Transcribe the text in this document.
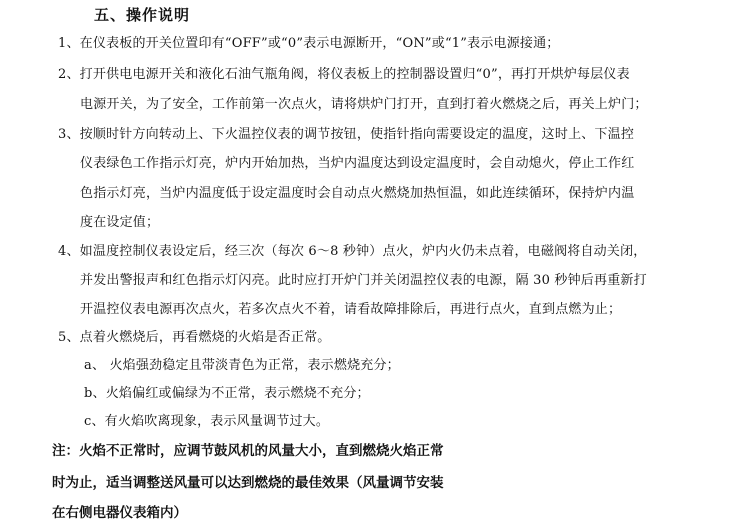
五、操作说明
1、在仪表板的开关位置印有“OFF”或“0”表示电源断开，“ON”或“1”表示电源接通；
2、打开供电电源开关和液化石油气瓶角阀，将仪表板上的控制器设置归“0”，再打开烘炉每层仪表
电源开关，为了安全，工作前第一次点火，请将烘炉门打开，直到打着火燃烧之后，再关上炉门；
3、按顺时针方向转动上、下火温控仪表的调节按钮，使指针指向需要设定的温度，这时上、下温控
仪表绿色工作指示灯亮，炉内开始加热，当炉内温度达到设定温度时，会自动熄火，停止工作红
色指示灯亮，当炉内温度低于设定温度时会自动点火燃烧加热恒温，如此连续循环，保持炉内温
度在设定值；
4、如温度控制仪表设定后，经三次（每次 6～8 秒钟）点火，炉内火仍未点着，电磁阀将自动关闭，
并发出警报声和红色指示灯闪亮。此时应打开炉门并关闭温控仪表的电源，隔 30 秒钟后再重新打
开温控仪表电源再次点火，若多次点火不着，请看故障排除后，再进行点火，直到点燃为止；
5、点着火燃烧后，再看燃烧的火焰是否正常。
a、 火焰强劲稳定且带淡青色为正常，表示燃烧充分；
b、火焰偏红或偏绿为不正常，表示燃烧不充分；
c、有火焰吹离现象，表示风量调节过大。
注：火焰不正常时，应调节鼓风机的风量大小，直到燃烧火焰正常
时为止，适当调整送风量可以达到燃烧的最佳效果（风量调节安装
在右侧电器仪表箱内）
